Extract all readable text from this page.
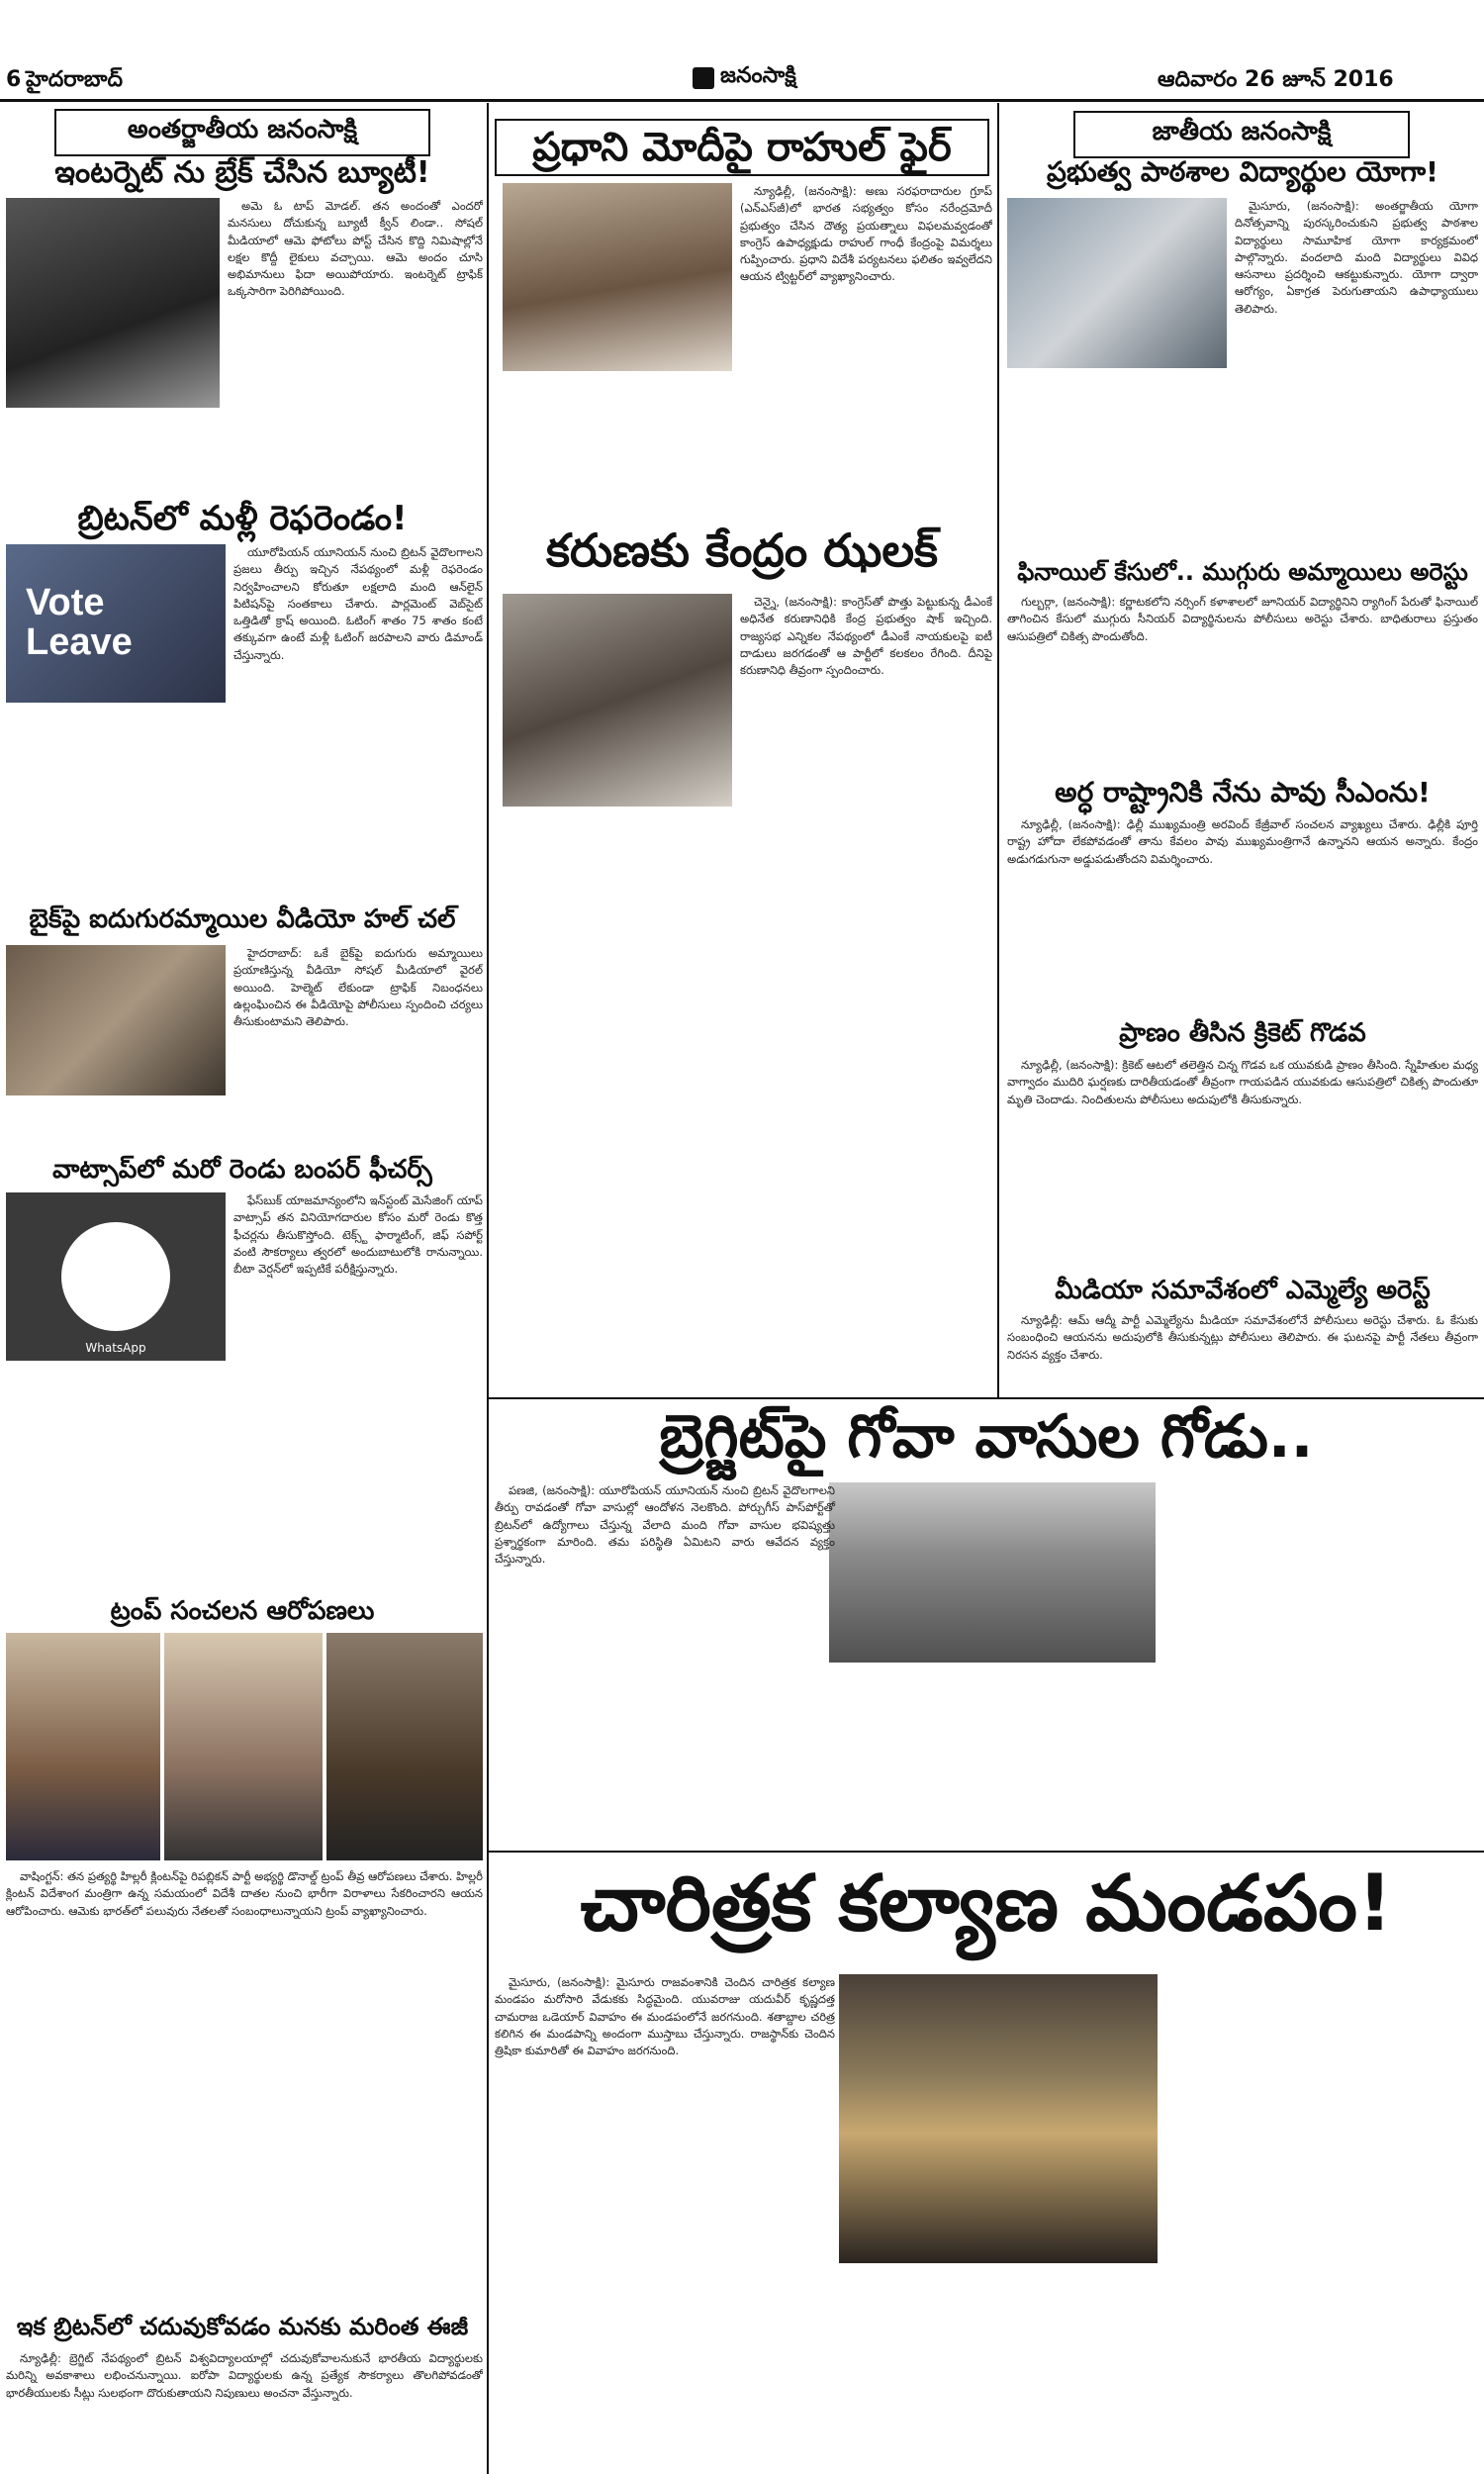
6 హైదరాబాద్	జనంసాక్షి	ఆదివారం 26 జూన్ 2016
అంతర్జాతీయ జనంసాక్షి
ఇంటర్నెట్ ను బ్రేక్ చేసిన బ్యూటీ!

అమె ఓ టాప్ మోడల్. తన అందంతో ఎందరో మనసులు దోచుకున్న బ్యూటీ క్వీన్ లిండా.. సోషల్ మీడియాలో ఆమె ఫోటోలు పోస్ట్ చేసిన కొద్ది నిమిషాల్లోనే లక్షల కొద్దీ లైకులు వచ్చాయి. ఆమె అందం చూసి అభిమానులు ఫిదా అయిపోయారు. ఇంటర్నెట్ ట్రాఫిక్ ఒక్కసారిగా పెరిగిపోయింది.

బ్రిటన్‌లో మళ్లీ రెఫరెండం!
Vote Leave

యూరోపియన్ యూనియన్ నుంచి బ్రిటన్ వైదొలగాలని ప్రజలు తీర్పు ఇచ్చిన నేపథ్యంలో మళ్లీ రెఫరెండం నిర్వహించాలని కోరుతూ లక్షలాది మంది ఆన్‌లైన్ పిటిషన్‌పై సంతకాలు చేశారు. పార్లమెంట్ వెబ్‌సైట్ ఒత్తిడితో క్రాష్ అయింది. ఓటింగ్ శాతం 75 శాతం కంటే తక్కువగా ఉంటే మళ్లీ ఓటింగ్ జరపాలని వారు డిమాండ్ చేస్తున్నారు.

బైక్‌పై ఐదుగురమ్మాయిల వీడియో హల్ చల్

హైదరాబాద్: ఒకే బైక్‌పై ఐదుగురు అమ్మాయిలు ప్రయాణిస్తున్న వీడియో సోషల్ మీడియాలో వైరల్ అయింది. హెల్మెట్ లేకుండా ట్రాఫిక్ నిబంధనలు ఉల్లంఘించిన ఈ వీడియోపై పోలీసులు స్పందించి చర్యలు తీసుకుంటామని తెలిపారు.

వాట్సాప్‌లో మరో రెండు బంపర్ ఫీచర్స్
WhatsApp

ఫేస్‌బుక్ యాజమాన్యంలోని ఇన్‌స్టంట్ మెసేజింగ్ యాప్ వాట్సాప్ తన వినియోగదారుల కోసం మరో రెండు కొత్త ఫీచర్లను తీసుకొస్తోంది. టెక్స్ట్ ఫార్మాటింగ్, జిఫ్ సపోర్ట్ వంటి సౌకర్యాలు త్వరలో అందుబాటులోకి రానున్నాయి. బీటా వెర్షన్‌లో ఇప్పటికే పరీక్షిస్తున్నారు.

ట్రంప్ సంచలన ఆరోపణలు

వాషింగ్టన్: తన ప్రత్యర్థి హిల్లరీ క్లింటన్‌పై రిపబ్లికన్ పార్టీ అభ్యర్థి డొనాల్డ్ ట్రంప్ తీవ్ర ఆరోపణలు చేశారు. హిల్లరీ క్లింటన్ విదేశాంగ మంత్రిగా ఉన్న సమయంలో విదేశీ దాతల నుంచి భారీగా విరాళాలు సేకరించారని ఆయన ఆరోపించారు. ఆమెకు భారత్‌లో పలువురు నేతలతో సంబంధాలున్నాయని ట్రంప్ వ్యాఖ్యానించారు.

ఇక బ్రిటన్‌లో చదువుకోవడం మనకు మరింత ఈజీ

న్యూఢిల్లీ: బ్రెగ్జిట్ నేపథ్యంలో బ్రిటన్ విశ్వవిద్యాలయాల్లో చదువుకోవాలనుకునే భారతీయ విద్యార్థులకు మరిన్ని అవకాశాలు లభించనున్నాయి. ఐరోపా విద్యార్థులకు ఉన్న ప్రత్యేక సౌకర్యాలు తొలగిపోవడంతో భారతీయులకు సీట్లు సులభంగా దొరుకుతాయని నిపుణులు అంచనా వేస్తున్నారు.

ప్రధాని మోదీపై రాహుల్ ఫైర్

న్యూఢిల్లీ, (జనంసాక్షి): అణు సరఫరాదారుల గ్రూప్ (ఎన్ఎస్‌జీ)లో భారత సభ్యత్వం కోసం నరేంద్రమోదీ ప్రభుత్వం చేసిన దౌత్య ప్రయత్నాలు విఫలమవ్వడంతో కాంగ్రెస్ ఉపాధ్యక్షుడు రాహుల్ గాంధీ కేంద్రంపై విమర్శలు గుప్పించారు. ప్రధాని విదేశీ పర్యటనలు ఫలితం ఇవ్వలేదని ఆయన ట్విట్టర్‌లో వ్యాఖ్యానించారు.

కరుణకు కేంద్రం ఝలక్

చెన్నై, (జనంసాక్షి): కాంగ్రెస్‌తో పొత్తు పెట్టుకున్న డీఎంకే అధినేత కరుణానిధికి కేంద్ర ప్రభుత్వం షాక్ ఇచ్చింది. రాజ్యసభ ఎన్నికల నేపథ్యంలో డీఎంకే నాయకులపై ఐటీ దాడులు జరగడంతో ఆ పార్టీలో కలకలం రేగింది. దీనిపై కరుణానిధి తీవ్రంగా స్పందించారు.

జాతీయ జనంసాక్షి
ప్రభుత్వ పాఠశాల విద్యార్థుల యోగా!

మైసూరు, (జనంసాక్షి): అంతర్జాతీయ యోగా దినోత్సవాన్ని పురస్కరించుకుని ప్రభుత్వ పాఠశాల విద్యార్థులు సామూహిక యోగా కార్యక్రమంలో పాల్గొన్నారు. వందలాది మంది విద్యార్థులు వివిధ ఆసనాలు ప్రదర్శించి ఆకట్టుకున్నారు. యోగా ద్వారా ఆరోగ్యం, ఏకాగ్రత పెరుగుతాయని ఉపాధ్యాయులు తెలిపారు.

ఫినాయిల్ కేసులో.. ముగ్గురు అమ్మాయిలు అరెస్టు

గుల్బర్గా, (జనంసాక్షి): కర్ణాటకలోని నర్సింగ్ కళాశాలలో జూనియర్ విద్యార్థినిని ర్యాగింగ్ పేరుతో ఫినాయిల్ తాగించిన కేసులో ముగ్గురు సీనియర్ విద్యార్థినులను పోలీసులు అరెస్టు చేశారు. బాధితురాలు ప్రస్తుతం ఆసుపత్రిలో చికిత్స పొందుతోంది.

అర్ధ రాష్ట్రానికి నేను పావు సీఎంను!

న్యూఢిల్లీ, (జనంసాక్షి): ఢిల్లీ ముఖ్యమంత్రి అరవింద్ కేజ్రీవాల్ సంచలన వ్యాఖ్యలు చేశారు. ఢిల్లీకి పూర్తి రాష్ట్ర హోదా లేకపోవడంతో తాను కేవలం పావు ముఖ్యమంత్రిగానే ఉన్నానని ఆయన అన్నారు. కేంద్రం అడుగడుగునా అడ్డుపడుతోందని విమర్శించారు.

ప్రాణం తీసిన క్రికెట్ గొడవ

న్యూఢిల్లీ, (జనంసాక్షి): క్రికెట్ ఆటలో తలెత్తిన చిన్న గొడవ ఒక యువకుడి ప్రాణం తీసింది. స్నేహితుల మధ్య వాగ్వాదం ముదిరి ఘర్షణకు దారితీయడంతో తీవ్రంగా గాయపడిన యువకుడు ఆసుపత్రిలో చికిత్స పొందుతూ మృతి చెందాడు. నిందితులను పోలీసులు అదుపులోకి తీసుకున్నారు.

మీడియా సమావేశంలో ఎమ్మెల్యే అరెస్ట్

న్యూఢిల్లీ: ఆమ్ ఆద్మీ పార్టీ ఎమ్మెల్యేను మీడియా సమావేశంలోనే పోలీసులు అరెస్టు చేశారు. ఓ కేసుకు సంబంధించి ఆయనను అదుపులోకి తీసుకున్నట్లు పోలీసులు తెలిపారు. ఈ ఘటనపై పార్టీ నేతలు తీవ్రంగా నిరసన వ్యక్తం చేశారు.

బ్రెగ్జిట్‌పై గోవా వాసుల గోడు..

పణజి, (జనంసాక్షి): యూరోపియన్ యూనియన్ నుంచి బ్రిటన్ వైదొలగాలని తీర్పు రావడంతో గోవా వాసుల్లో ఆందోళన నెలకొంది. పోర్చుగీస్ పాస్‌పోర్ట్‌తో బ్రిటన్‌లో ఉద్యోగాలు చేస్తున్న వేలాది మంది గోవా వాసుల భవిష్యత్తు ప్రశ్నార్థకంగా మారింది. తమ పరిస్థితి ఏమిటని వారు ఆవేదన వ్యక్తం చేస్తున్నారు.

చారిత్రక కల్యాణ మండపం!

మైసూరు, (జనంసాక్షి): మైసూరు రాజవంశానికి చెందిన చారిత్రక కల్యాణ మండపం మరోసారి వేడుకకు సిద్ధమైంది. యువరాజు యదువీర్ కృష్ణదత్త చామరాజ ఒడెయార్ వివాహం ఈ మండపంలోనే జరగనుంది. శతాబ్దాల చరిత్ర కలిగిన ఈ మండపాన్ని అందంగా ముస్తాబు చేస్తున్నారు. రాజస్థాన్‌కు చెందిన త్రిషికా కుమారితో ఈ వివాహం జరగనుంది.
